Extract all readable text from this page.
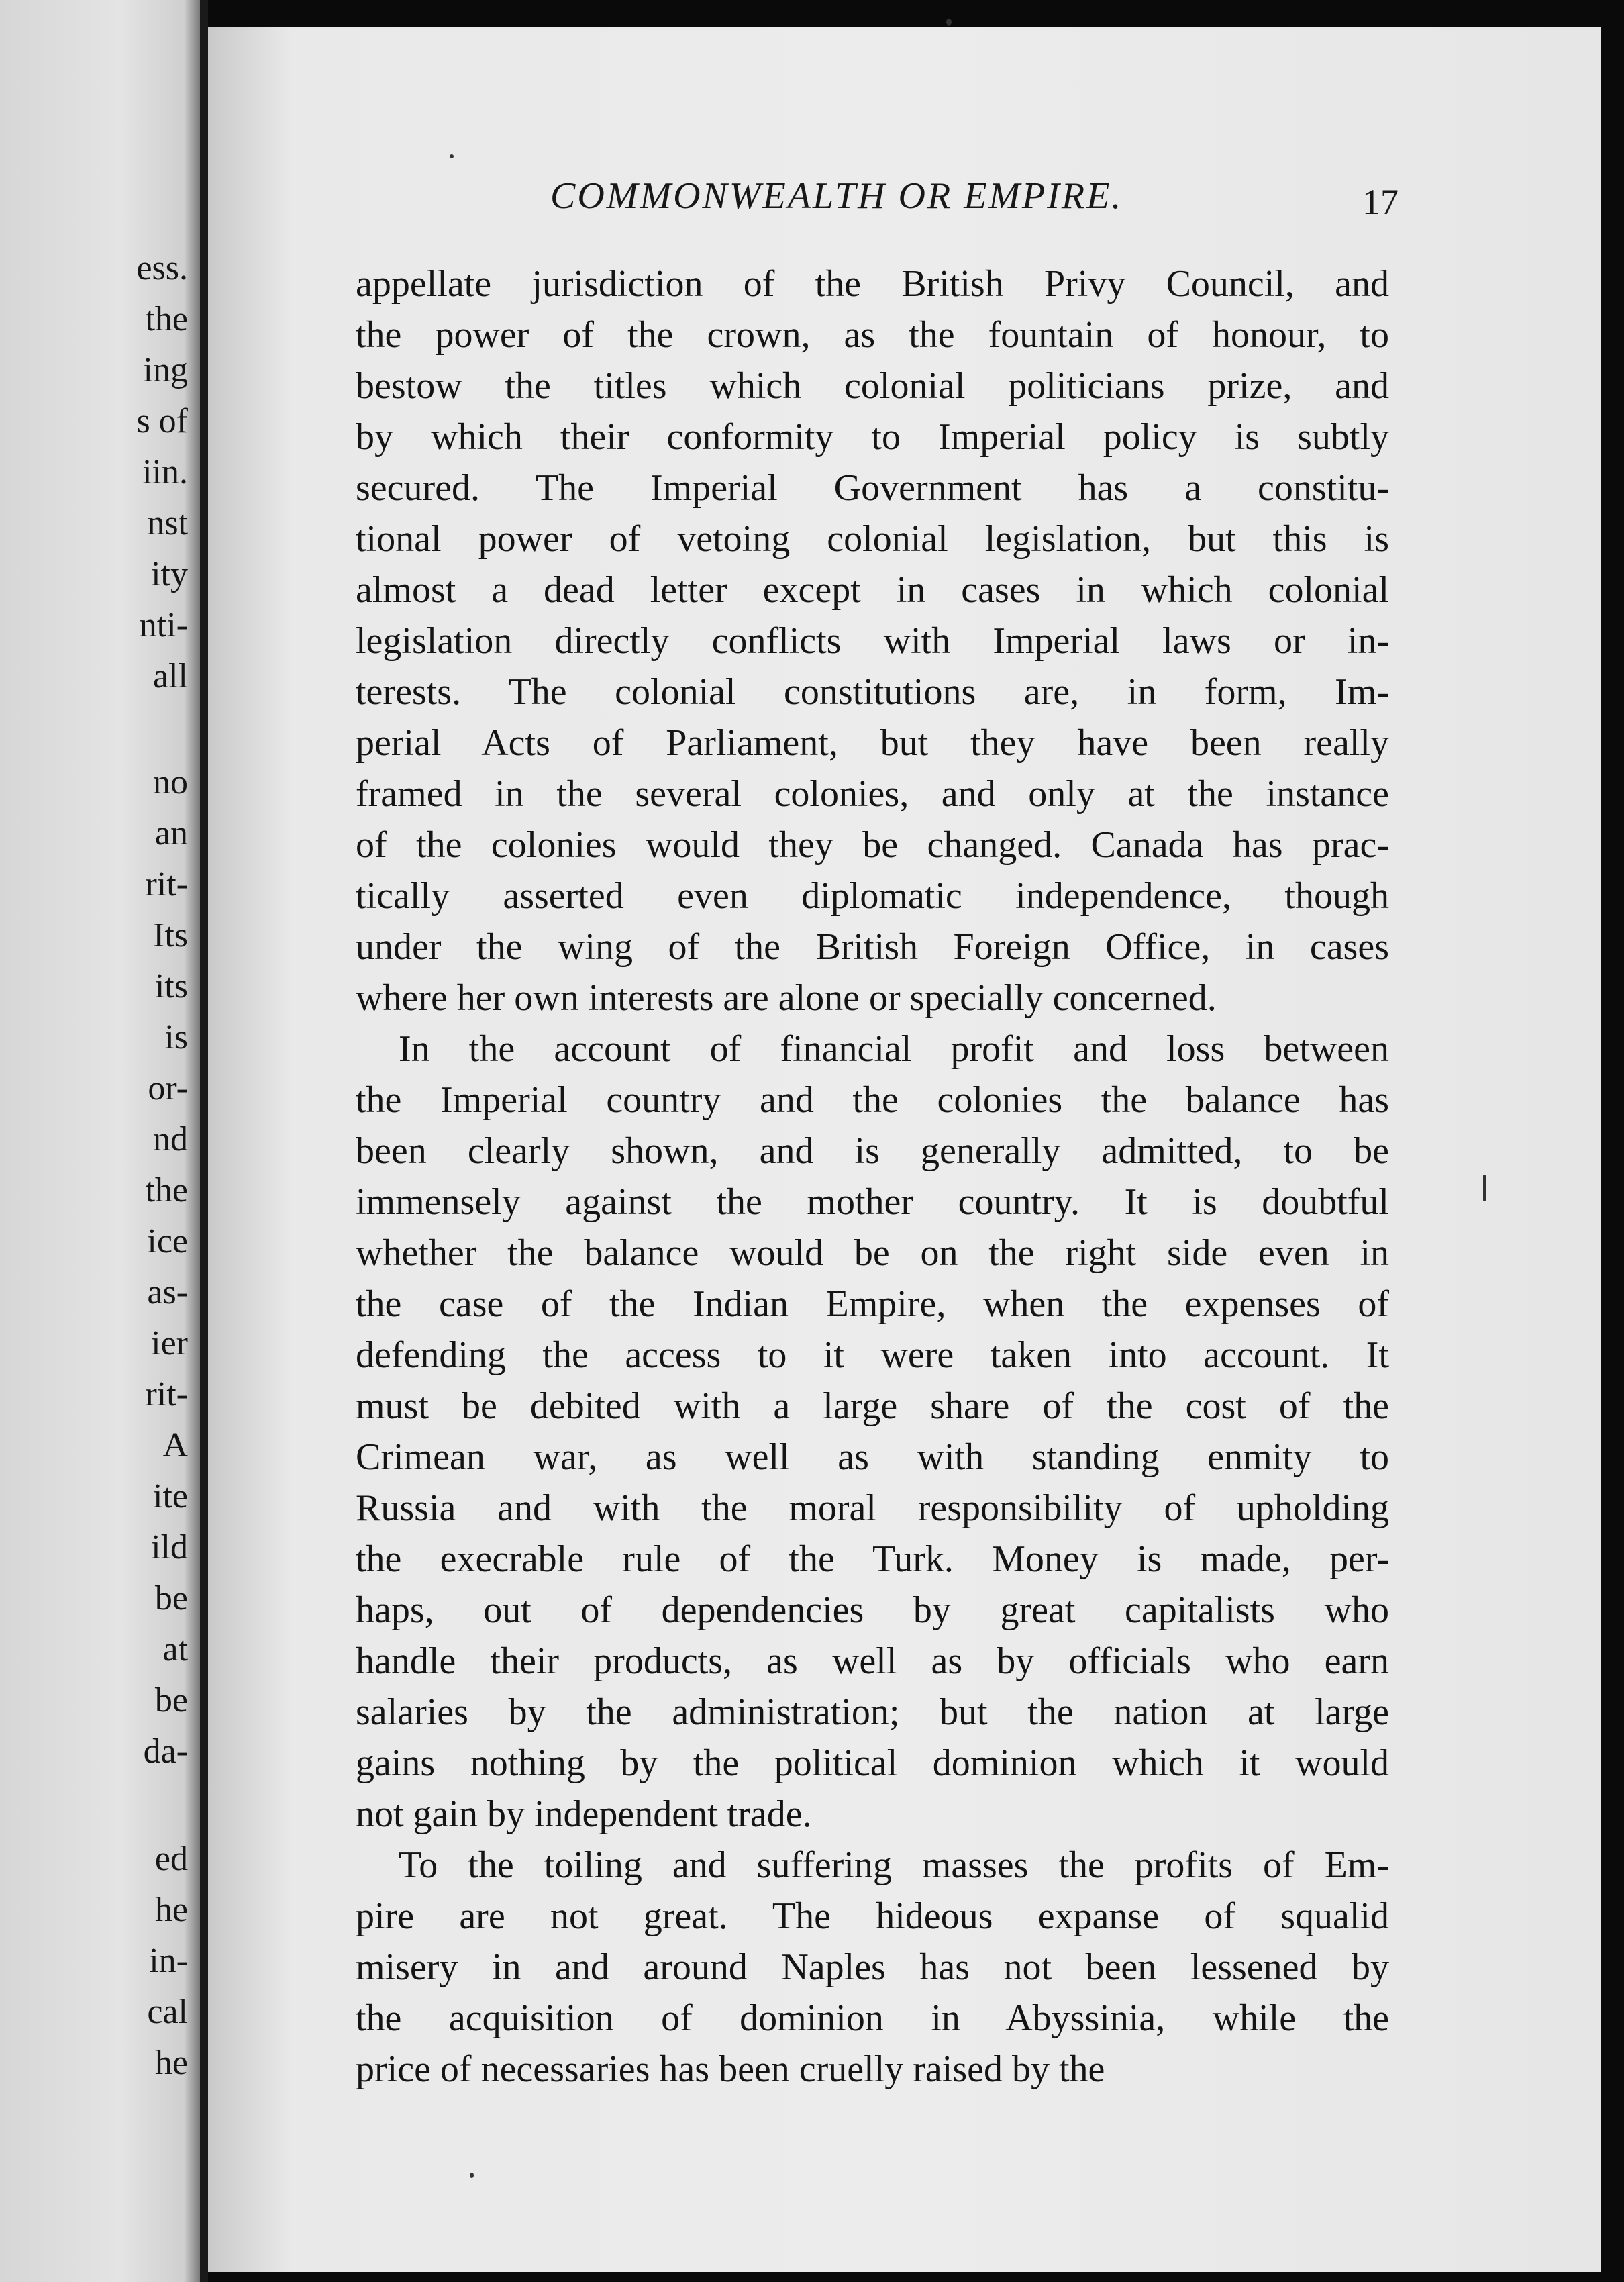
ess.
the
ing
s of
iin.
nst
ity
nti-
all
no
an
rit-
Its
its
is
or-
nd
the
ice
as-
ier
rit-
A
ite
ild
be
at
be
da-
ed
he
in-
cal
he
COMMONWEALTH OR EMPIRE.	17
appellate jurisdiction of the British Privy Council, and
the power of the crown, as the fountain of honour, to
bestow the titles which colonial politicians prize, and
by which their conformity to Imperial policy is subtly
secured. The Imperial Government has a constitu-
tional power of vetoing colonial legislation, but this is
almost a dead letter except in cases in which colonial
legislation directly conflicts with Imperial laws or in-
terests. The colonial constitutions are, in form, Im-
perial Acts of Parliament, but they have been really
framed in the several colonies, and only at the instance
of the colonies would they be changed. Canada has prac-
tically asserted even diplomatic independence, though
under the wing of the British Foreign Office, in cases
where her own interests are alone or specially concerned.
In the account of financial profit and loss between
the Imperial country and the colonies the balance has
been clearly shown, and is generally admitted, to be
immensely against the mother country. It is doubtful
whether the balance would be on the right side even in
the case of the Indian Empire, when the expenses of
defending the access to it were taken into account. It
must be debited with a large share of the cost of the
Crimean war, as well as with standing enmity to
Russia and with the moral responsibility of upholding
the execrable rule of the Turk. Money is made, per-
haps, out of dependencies by great capitalists who
handle their products, as well as by officials who earn
salaries by the administration; but the nation at large
gains nothing by the political dominion which it would
not gain by independent trade.
To the toiling and suffering masses the profits of Em-
pire are not great. The hideous expanse of squalid
misery in and around Naples has not been lessened by
the acquisition of dominion in Abyssinia, while the
price of necessaries has been cruelly raised by the
